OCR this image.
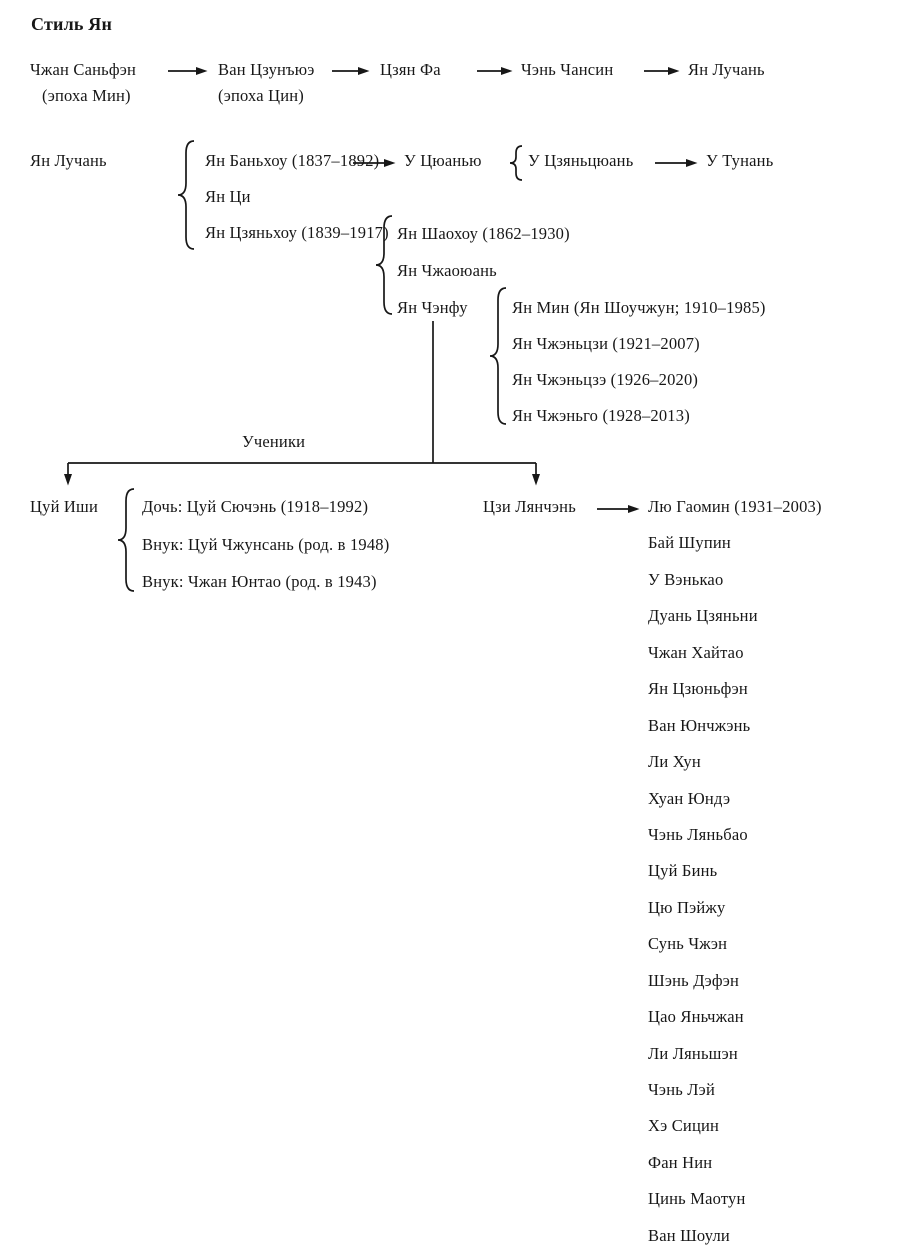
Стиль Ян
Чжан Саньфэн	Ван Цзунъюэ	Цзян Фа	Чэнь Чансин	Ян Лучань
(эпоха Мин)	(эпоха Цин)
Ян Лучань	Ян Баньхоу (1837–1892)
Ян Ци
Ян Цзяньхоу (1839–1917)
У Цюанью	У Цзяньцюань	У Тунань
Ян Шаохоу (1862–1930)
Ян Чжаоюань
Ян Чэнфу	Ян Мин (Ян Шоучжун; 1910–1985)
Ян Чжэньцзи (1921–2007)
Ян Чжэньцзэ (1926–2020)
Ян Чжэньго (1928–2013)
Ученики
Цуй Иши	Дочь: Цуй Сючэнь (1918–1992)
Внук: Цуй Чжунсань (род. в 1948)
Внук: Чжан Юнтао (род. в 1943)
Цзи Лянчэнь	Лю Гаомин (1931–2003)
Бай Шупин
У Вэнькао
Дуань Цзяньни
Чжан Хайтао
Ян Цзюньфэн
Ван Юнчжэнь
Ли Хун
Хуан Юндэ
Чэнь Ляньбао
Цуй Бинь
Цю Пэйжу
Сунь Чжэн
Шэнь Дэфэн
Цао Яньчжан
Ли Ляньшэн
Чэнь Лэй
Хэ Сицин
Фан Нин
Цинь Маотун
Ван Шоули
